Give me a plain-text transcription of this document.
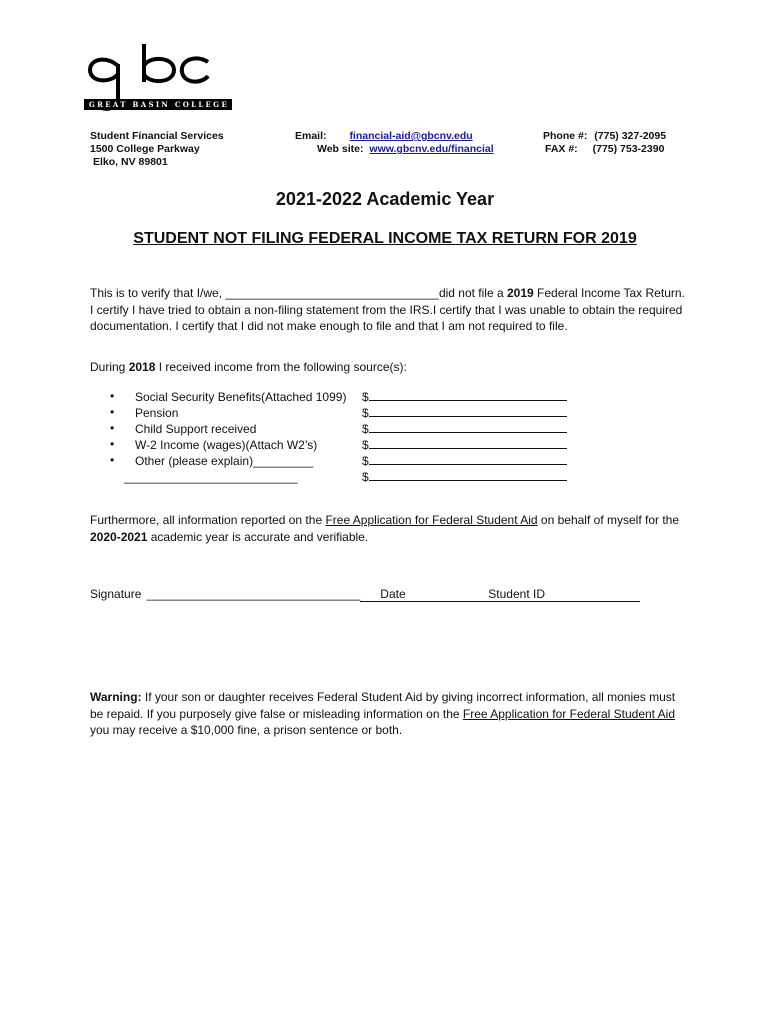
GREAT BASIN COLLEGE
Student Financial Services
1500 College Parkway
Elko, NV 89801
Email: financial-aid@gbcnv.edu
Web site: www.gbcnv.edu/financial
Phone #: (775) 327-2095
FAX #: (775) 753-2390
2021-2022 Academic Year
STUDENT NOT FILING FEDERAL INCOME TAX RETURN FOR 2019
This is to verify that I/we, ________________________________did not file a 2019 Federal Income Tax Return. I certify I have tried to obtain a non-filing statement from the IRS.I certify that I was unable to obtain the required documentation. I certify that I did not make enough to file and that I am not required to file.
During 2018 I received income from the following source(s):
• Social Security Benefits(Attached 1099) $
• Pension	$
• Child Support received	$
• W-2 Income (wages)(Attach W2’s)	$
• Other (please explain)_________	$
__________________________	$
Furthermore, all information reported on the Free Application for Federal Student Aid on behalf of myself for the 2020-2021 academic year is accurate and verifiable.
Signature ________________________________ Date	Student ID
Warning: If your son or daughter receives Federal Student Aid by giving incorrect information, all monies must be repaid. If you purposely give false or misleading information on the Free Application for Federal Student Aid you may receive a $10,000 fine, a prison sentence or both.
